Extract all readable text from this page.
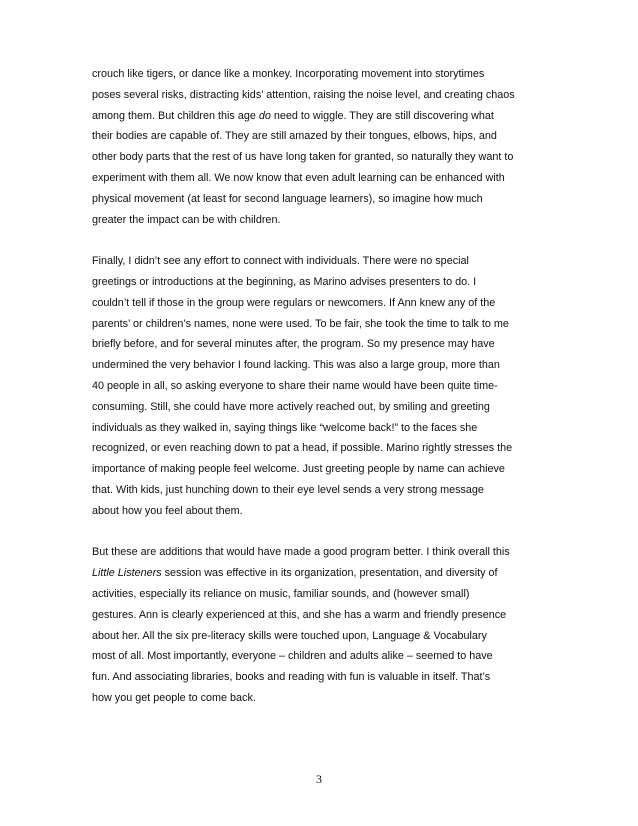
crouch like tigers, or dance like a monkey. Incorporating movement into storytimes
poses several risks, distracting kids’ attention, raising the noise level, and creating chaos
among them. But children this age do need to wiggle. They are still discovering what
their bodies are capable of. They are still amazed by their tongues, elbows, hips, and
other body parts that the rest of us have long taken for granted, so naturally they want to
experiment with them all. We now know that even adult learning can be enhanced with
physical movement (at least for second language learners), so imagine how much
greater the impact can be with children.
Finally, I didn’t see any effort to connect with individuals. There were no special
greetings or introductions at the beginning, as Marino advises presenters to do. I
couldn’t tell if those in the group were regulars or newcomers. If Ann knew any of the
parents’ or children’s names, none were used. To be fair, she took the time to talk to me
briefly before, and for several minutes after, the program. So my presence may have
undermined the very behavior I found lacking. This was also a large group, more than
40 people in all, so asking everyone to share their name would have been quite time-
consuming. Still, she could have more actively reached out, by smiling and greeting
individuals as they walked in, saying things like “welcome back!” to the faces she
recognized, or even reaching down to pat a head, if possible. Marino rightly stresses the
importance of making people feel welcome. Just greeting people by name can achieve
that. With kids, just hunching down to their eye level sends a very strong message
about how you feel about them.
But these are additions that would have made a good program better. I think overall this
Little Listeners session was effective in its organization, presentation, and diversity of
activities, especially its reliance on music, familiar sounds, and (however small)
gestures. Ann is clearly experienced at this, and she has a warm and friendly presence
about her. All the six pre-literacy skills were touched upon, Language & Vocabulary
most of all. Most importantly, everyone – children and adults alike – seemed to have
fun. And associating libraries, books and reading with fun is valuable in itself. That’s
how you get people to come back.
3
